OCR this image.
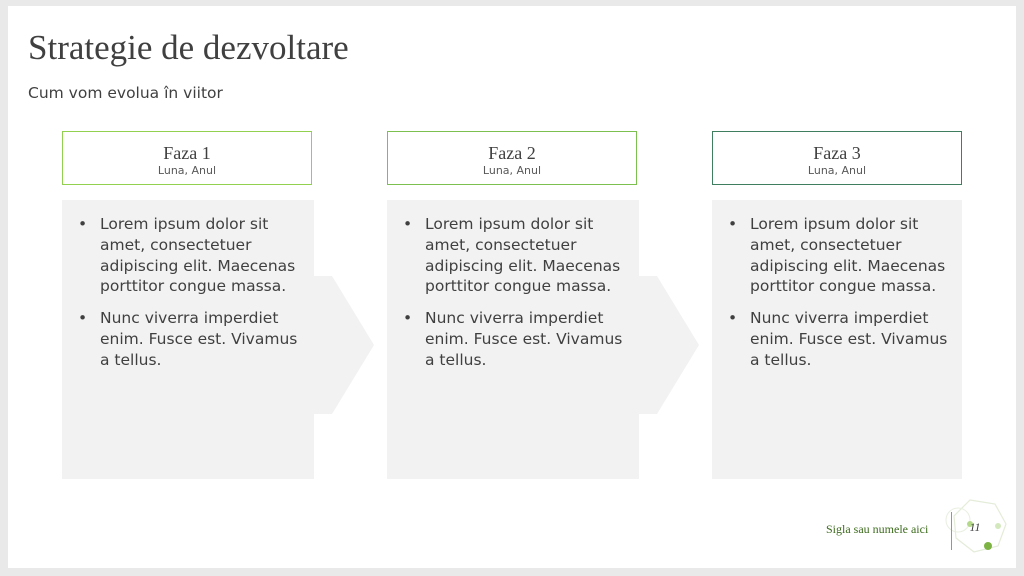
Strategie de dezvoltare
Cum vom evolua în viitor
Faza 1
Luna, Anul
• Lorem ipsum dolor sit amet, consectetuer adipiscing elit. Maecenas porttitor congue massa.
• Nunc viverra imperdiet enim. Fusce est. Vivamus a tellus.
Faza 2
Luna, Anul
• Lorem ipsum dolor sit amet, consectetuer adipiscing elit. Maecenas porttitor congue massa.
• Nunc viverra imperdiet enim. Fusce est. Vivamus a tellus.
Faza 3
Luna, Anul
• Lorem ipsum dolor sit amet, consectetuer adipiscing elit. Maecenas porttitor congue massa.
• Nunc viverra imperdiet enim. Fusce est. Vivamus a tellus.
Sigla sau numele aici	11
